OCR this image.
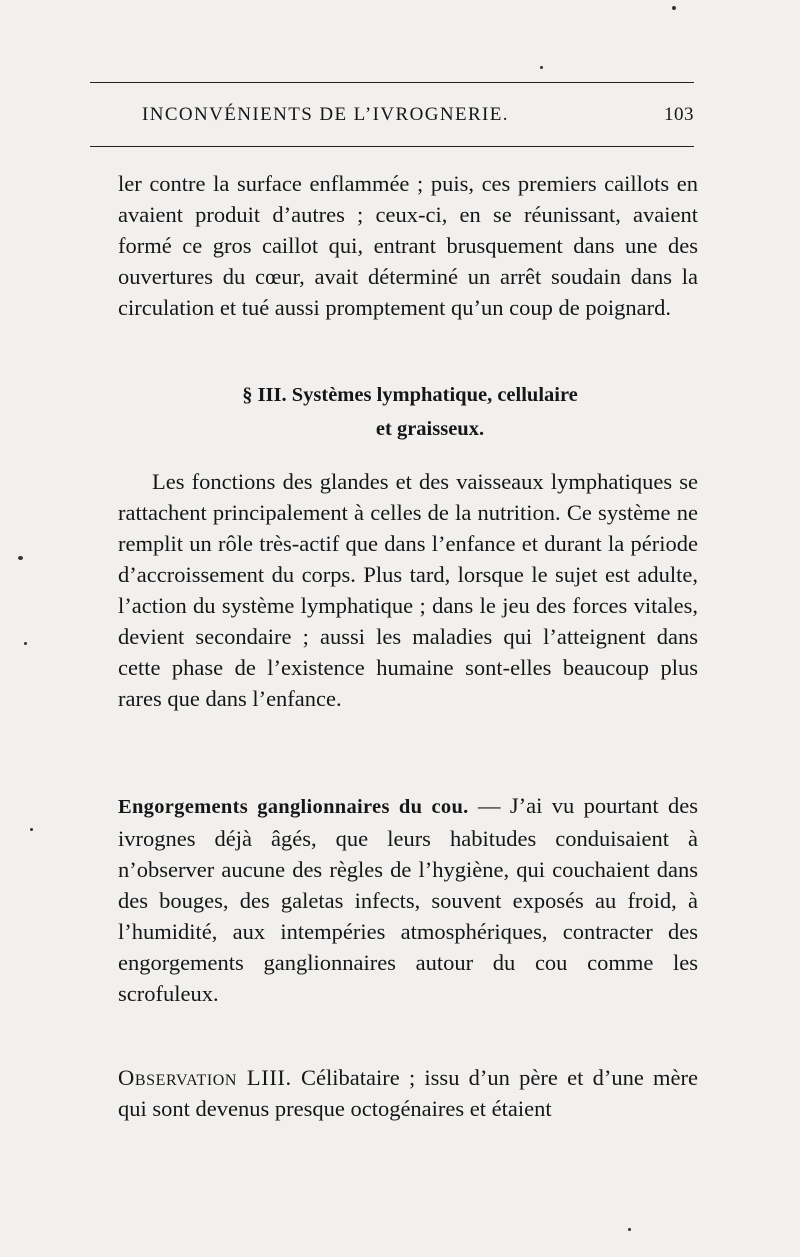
INCONVÉNIENTS DE L’IVROGNERIE.	103

ler contre la surface enflammée ; puis, ces premiers caillots en avaient produit d’autres ; ceux-ci, en se réunissant, avaient formé ce gros caillot qui, entrant brusquement dans une des ouvertures du cœur, avait déterminé un arrêt soudain dans la circulation et tué aussi promptement qu’un coup de poignard.

§ III. Systèmes lymphatique, cellulaire
et graisseux.

Les fonctions des glandes et des vaisseaux lymphatiques se rattachent principalement à celles de la nutrition. Ce système ne remplit un rôle très-actif que dans l’enfance et durant la période d’accroissement du corps. Plus tard, lorsque le sujet est adulte, l’action du système lymphatique ; dans le jeu des forces vitales, devient secondaire ; aussi les maladies qui l’atteignent dans cette phase de l’existence humaine sont-elles beaucoup plus rares que dans l’enfance.

Engorgements ganglionnaires du cou. — J’ai vu pourtant des ivrognes déjà âgés, que leurs habitudes conduisaient à n’observer aucune des règles de l’hygiène, qui couchaient dans des bouges, des galetas infects, souvent exposés au froid, à l’humidité, aux intempéries atmosphériques, contracter des engorgements ganglionnaires autour du cou comme les scrofuleux.

Observation LIII. Célibataire ; issu d’un père et d’une mère qui sont devenus presque octogénaires et étaient
